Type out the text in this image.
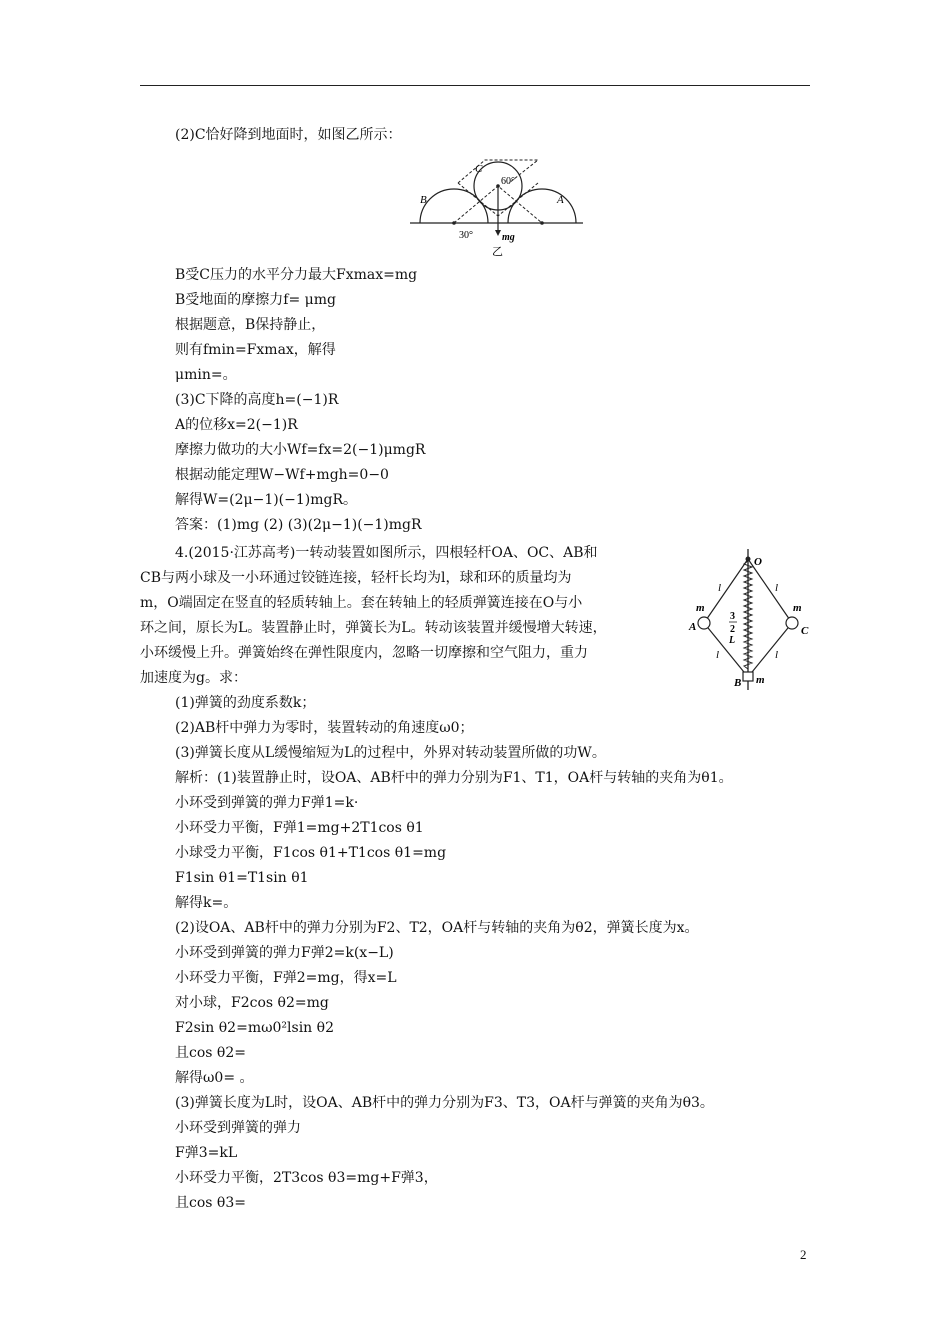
(2)C恰好降到地面时，如图乙所示：
B受C压力的水平分力最大Fxmax=mg
B受地面的摩擦力f= μmg
根据题意，B保持静止，
则有fmin=Fxmax，解得
μmin=。
(3)C下降的高度h=(−1)R
A的位移x=2(−1)R
摩擦力做功的大小Wf=fx=2(−1)μmgR
根据动能定理W−Wf+mgh=0−0
解得W=(2μ−1)(−1)mgR。
答案：(1)mg (2) (3)(2μ−1)(−1)mgR
4.(2015·江苏高考)一转动装置如图所示，四根轻杆OA、OC、AB和
CB与两小球及一小环通过铰链连接，轻杆长均为l，球和环的质量均为
m，O端固定在竖直的轻质转轴上。套在转轴上的轻质弹簧连接在O与小
环之间，原长为L。装置静止时，弹簧长为L。转动该装置并缓慢增大转速，
小环缓慢上升。弹簧始终在弹性限度内，忽略一切摩擦和空气阻力，重力
加速度为g。求：
(1)弹簧的劲度系数k；
(2)AB杆中弹力为零时，装置转动的角速度ω0；
(3)弹簧长度从L缓慢缩短为L的过程中，外界对转动装置所做的功W。
解析：(1)装置静止时，设OA、AB杆中的弹力分别为F1、T1，OA杆与转轴的夹角为θ1。
小环受到弹簧的弹力F弹1=k·
小环受力平衡，F弹1=mg+2T1cos θ1
小球受力平衡，F1cos θ1+T1cos θ1=mg
F1sin θ1=T1sin θ1
解得k=。
(2)设OA、AB杆中的弹力分别为F2、T2，OA杆与转轴的夹角为θ2，弹簧长度为x。
小环受到弹簧的弹力F弹2=k(x−L)
小环受力平衡，F弹2=mg，得x=L
对小球，F2cos θ2=mg
F2sin θ2=mω0²lsin θ2
且cos θ2=
解得ω0= 。
(3)弹簧长度为L时，设OA、AB杆中的弹力分别为F3、T3，OA杆与弹簧的夹角为θ3。
小环受到弹簧的弹力
F弹3=kL
小环受力平衡，2T3cos θ3=mg+F弹3，
且cos θ3=
C
60°
B	A
30°	mg
乙
O
A	C
B
m	m
m
l	l
l	l
3
2
L
2
